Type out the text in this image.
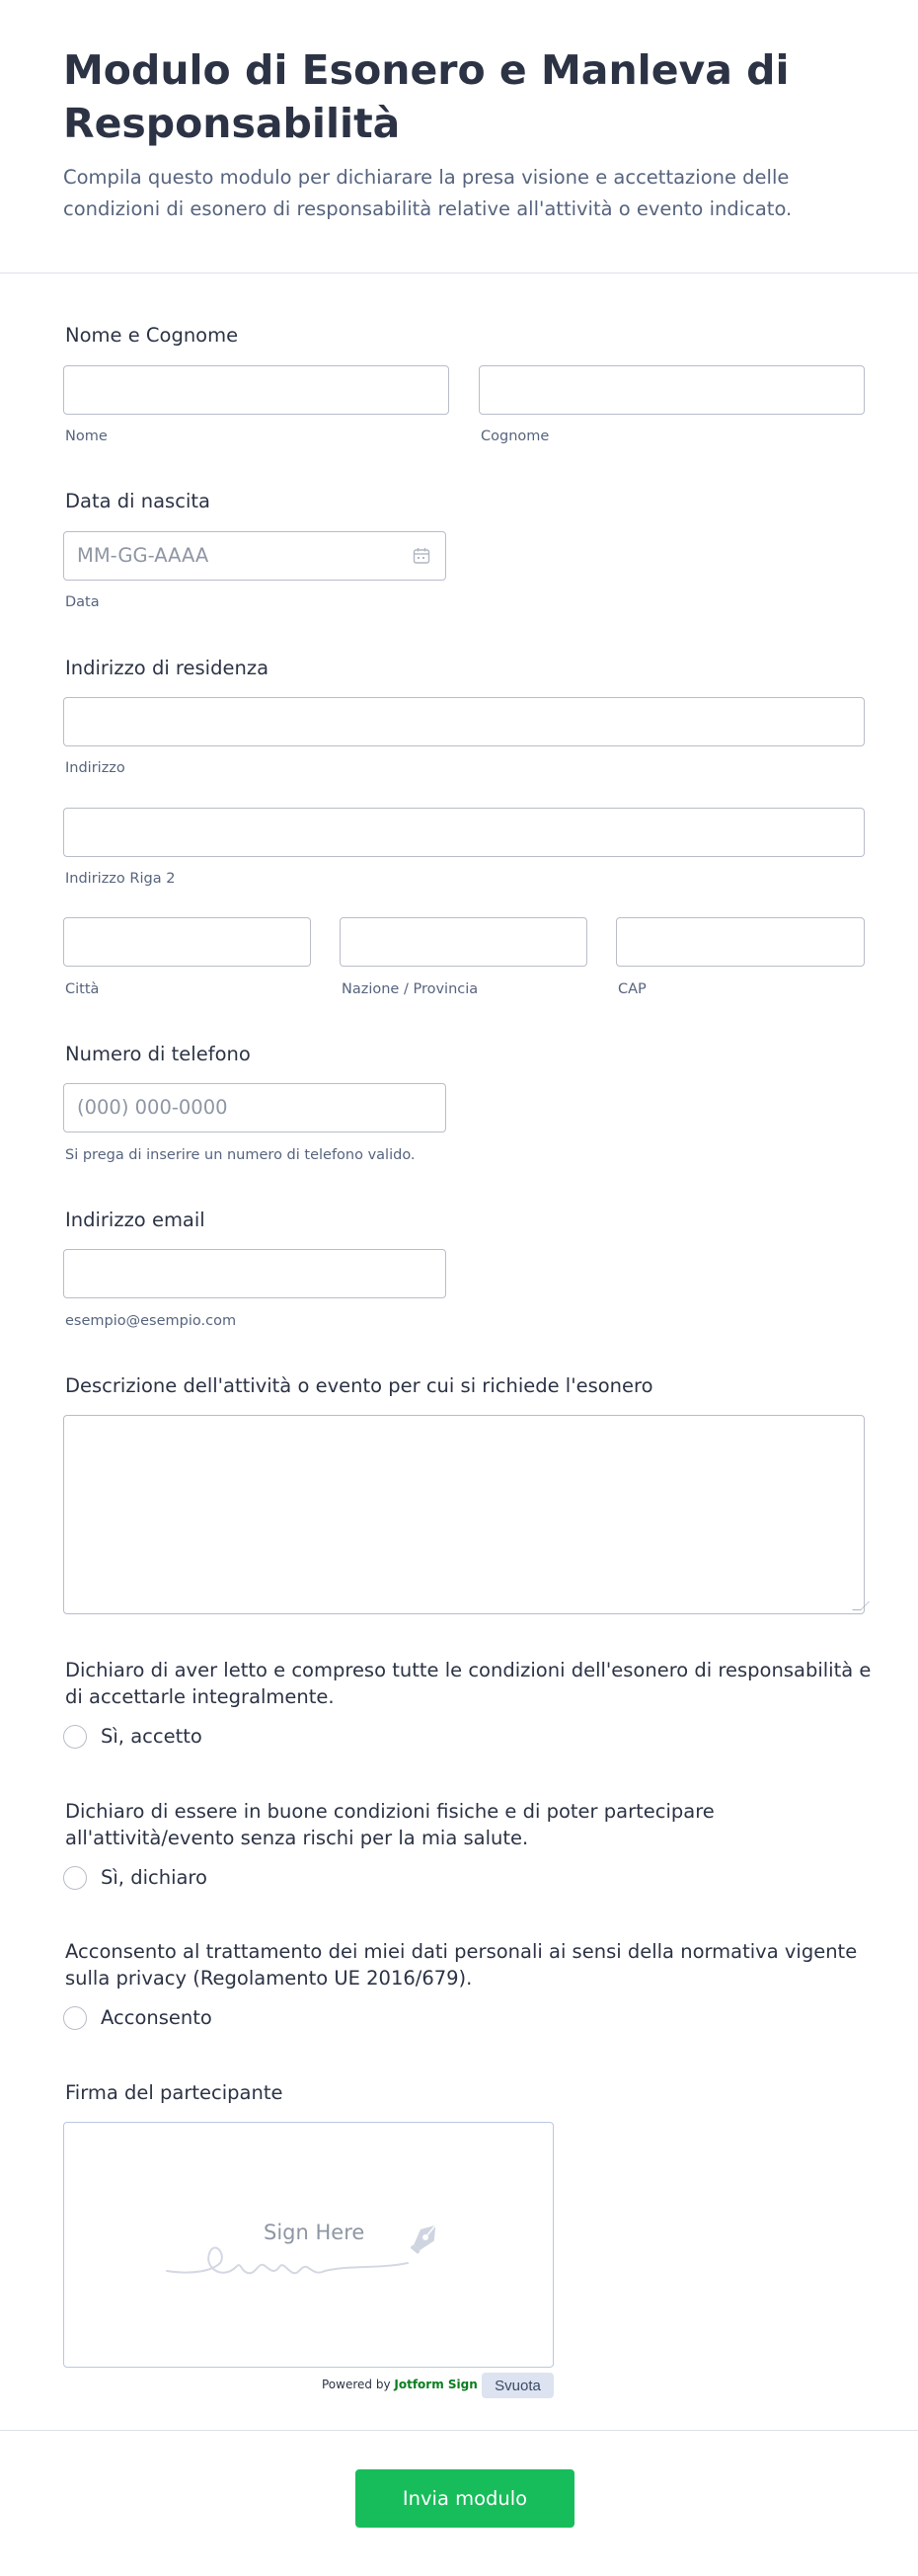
Modulo di Esonero e Manleva di Responsabilità

Compila questo modulo per dichiarare la presa visione e accettazione delle condizioni di esonero di responsabilità relative all'attività o evento indicato.

Nome e Cognome
Nome	Cognome
Data di nascita
MM-GG-AAAA
Data
Indirizzo di residenza
Indirizzo
Indirizzo Riga 2
Città	Nazione / Provincia	CAP
Numero di telefono
(000) 000-0000
Si prega di inserire un numero di telefono valido.
Indirizzo email
esempio@esempio.com
Descrizione dell'attività o evento per cui si richiede l'esonero
Dichiaro di aver letto e compreso tutte le condizioni dell'esonero di responsabilità e di accettarle integralmente.
Sì, accetto
Dichiaro di essere in buone condizioni fisiche e di poter partecipare all'attività/evento senza rischi per la mia salute.
Sì, dichiaro
Acconsento al trattamento dei miei dati personali ai sensi della normativa vigente sulla privacy (Regolamento UE 2016/679).
Acconsento
Firma del partecipante
Sign Here
Powered by Jotform Sign	Svuota
Invia modulo
